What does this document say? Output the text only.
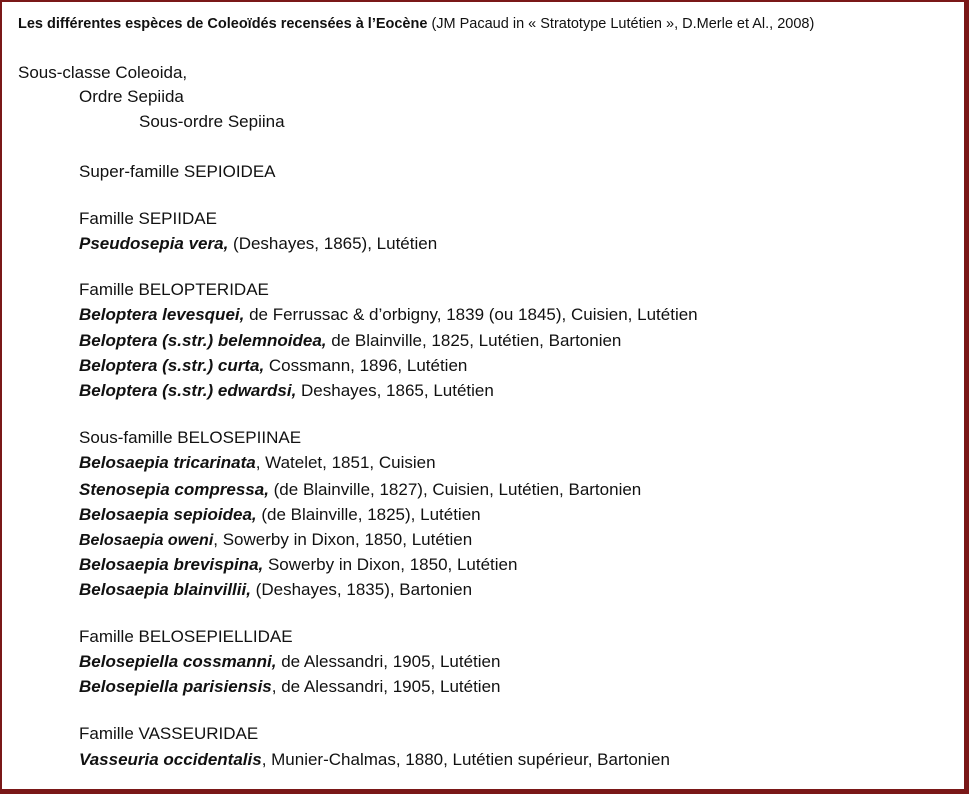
Les différentes espèces de Coleoïdés recensées à l’Eocène (JM Pacaud in « Stratotype Lutétien », D.Merle et Al., 2008)
Sous-classe Coleoida,
Ordre Sepiida
Sous-ordre Sepiina
Super-famille SEPIOIDEA
Famille SEPIIDAE
Pseudosepia vera, (Deshayes, 1865), Lutétien
Famille BELOPTERIDAE
Beloptera levesquei, de Ferrussac & d’orbigny, 1839 (ou 1845), Cuisien, Lutétien
Beloptera (s.str.) belemnoidea, de Blainville, 1825, Lutétien, Bartonien
Beloptera (s.str.) curta, Cossmann, 1896, Lutétien
Beloptera (s.str.) edwardsi, Deshayes, 1865, Lutétien
Sous-famille BELOSEPIINAE
Belosaepia tricarinata, Watelet, 1851, Cuisien
Stenosepia compressa, (de Blainville, 1827), Cuisien, Lutétien, Bartonien
Belosaepia sepioidea, (de Blainville, 1825), Lutétien
Belosaepia oweni, Sowerby in Dixon, 1850, Lutétien
Belosaepia brevispina, Sowerby in Dixon, 1850, Lutétien
Belosaepia blainvillii, (Deshayes, 1835), Bartonien
Famille BELOSEPIELLIDAE
Belosepiella cossmanni, de Alessandri, 1905, Lutétien
Belosepiella parisiensis, de Alessandri, 1905, Lutétien
Famille VASSEURIDAE
Vasseuria occidentalis, Munier-Chalmas, 1880, Lutétien supérieur, Bartonien
